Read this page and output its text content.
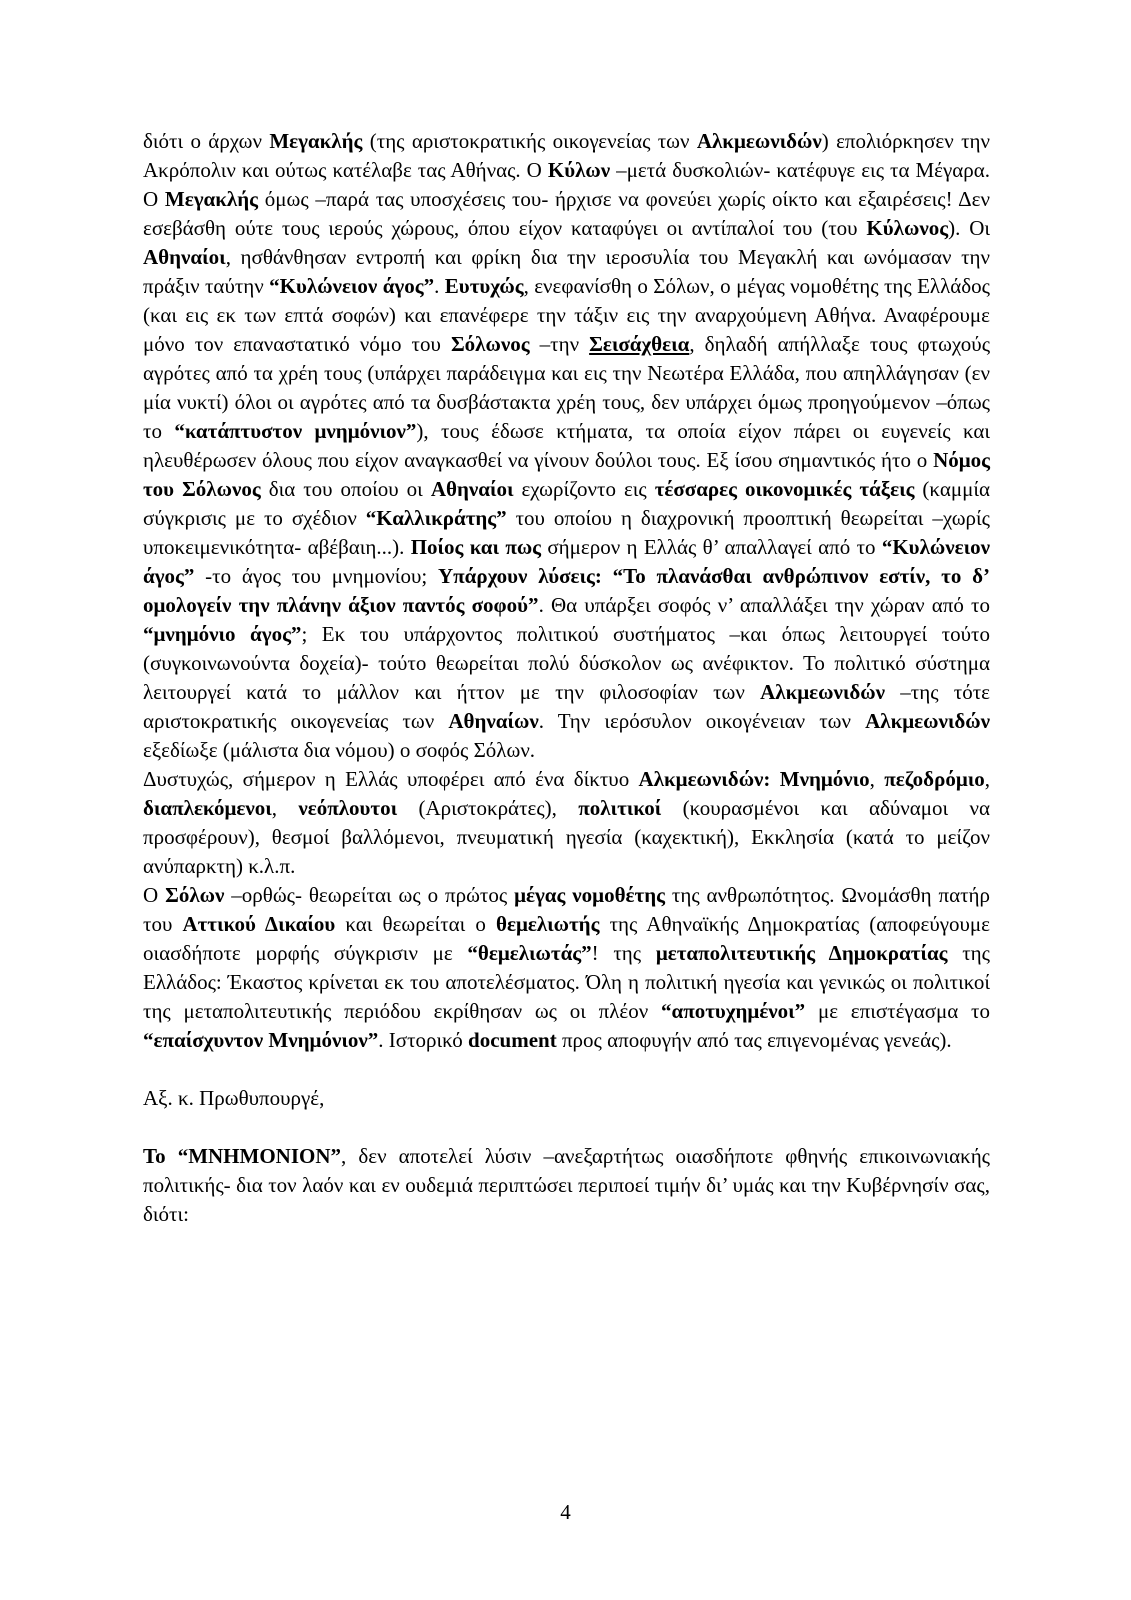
διότι ο άρχων Μεγακλής (της αριστοκρατικής οικογενείας των Αλκμεωνιδών) επολιόρκησεν την Ακρόπολιν και ούτως κατέλαβε τας Αθήνας. Ο Κύλων –μετά δυσκολιών- κατέφυγε εις τα Μέγαρα. Ο Μεγακλής όμως –παρά τας υποσχέσεις του- ήρχισε να φονεύει χωρίς οίκτο και εξαιρέσεις! Δεν εσεβάσθη ούτε τους ιερούς χώρους, όπου είχον καταφύγει οι αντίπαλοί του (του Κύλωνος). Οι Αθηναίοι, ησθάνθησαν εντροπή και φρίκη δια την ιεροσυλία του Μεγακλή και ωνόμασαν την πράξιν ταύτην “Κυλώνειον άγος”. Ευτυχώς, ενεφανίσθη ο Σόλων, ο μέγας νομοθέτης της Ελλάδος (και εις εκ των επτά σοφών) και επανέφερε την τάξιν εις την αναρχούμενη Αθήνα. Αναφέρουμε μόνο τον επαναστατικό νόμο του Σόλωνος –την Σεισάχθεια, δηλαδή απήλλαξε τους φτωχούς αγρότες από τα χρέη τους (υπάρχει παράδειγμα και εις την Νεωτέρα Ελλάδα, που απηλλάγησαν (εν μία νυκτί) όλοι οι αγρότες από τα δυσβάστακτα χρέη τους, δεν υπάρχει όμως προηγούμενον –όπως το “κατάπτυστον μνημόνιον”), τους έδωσε κτήματα, τα οποία είχον πάρει οι ευγενείς και ηλευθέρωσεν όλους που είχον αναγκασθεί να γίνουν δούλοι τους. Εξ ίσου σημαντικός ήτο ο Νόμος του Σόλωνος δια του οποίου οι Αθηναίοι εχωρίζοντο εις τέσσαρες οικονομικές τάξεις (καμμία σύγκρισις με το σχέδιον “Καλλικράτης” του οποίου η διαχρονική προοπτική θεωρείται –χωρίς υποκειμενικότητα- αβέβαιη...). Ποίος και πως σήμερον η Ελλάς θ’ απαλλαγεί από το “Κυλώνειον άγος” -το άγος του μνημονίου; Υπάρχουν λύσεις: “Το πλανάσθαι ανθρώπινον εστίν, το δ’ ομολογείν την πλάνην άξιον παντός σοφού”. Θα υπάρξει σοφός ν’ απαλλάξει την χώραν από το “μνημόνιο άγος”; Εκ του υπάρχοντος πολιτικού συστήματος –και όπως λειτουργεί τούτο (συγκοινωνούντα δοχεία)- τούτο θεωρείται πολύ δύσκολον ως ανέφικτον. Το πολιτικό σύστημα λειτουργεί κατά το μάλλον και ήττον με την φιλοσοφίαν των Αλκμεωνιδών –της τότε αριστοκρατικής οικογενείας των Αθηναίων. Την ιερόσυλον οικογένειαν των Αλκμεωνιδών εξεδίωξε (μάλιστα δια νόμου) ο σοφός Σόλων.

Δυστυχώς, σήμερον η Ελλάς υποφέρει από ένα δίκτυο Αλκμεωνιδών: Μνημόνιο, πεζοδρόμιο, διαπλεκόμενοι, νεόπλουτοι (Αριστοκράτες), πολιτικοί (κουρασμένοι και αδύναμοι να προσφέρουν), θεσμοί βαλλόμενοι, πνευματική ηγεσία (καχεκτική), Εκκλησία (κατά το μείζον ανύπαρκτη) κ.λ.π.

Ο Σόλων –ορθώς- θεωρείται ως ο πρώτος μέγας νομοθέτης της ανθρωπότητος. Ωνομάσθη πατήρ του Αττικού Δικαίου και θεωρείται ο θεμελιωτής της Αθηναϊκής Δημοκρατίας (αποφεύγουμε οιασδήποτε μορφής σύγκρισιν με “θεμελιωτάς”! της μεταπολιτευτικής Δημοκρατίας της Ελλάδος: Έκαστος κρίνεται εκ του αποτελέσματος. Όλη η πολιτική ηγεσία και γενικώς οι πολιτικοί της μεταπολιτευτικής περιόδου εκρίθησαν ως οι πλέον “αποτυχημένοι” με επιστέγασμα το “επαίσχυντον Μνημόνιον”. Ιστορικό document προς αποφυγήν από τας επιγενομένας γενεάς).

Αξ. κ. Πρωθυπουργέ,

Το “ΜΝΗΜΟΝΙΟΝ”, δεν αποτελεί λύσιν –ανεξαρτήτως οιασδήποτε φθηνής επικοινωνιακής πολιτικής- δια τον λαόν και εν ουδεμιά περιπτώσει περιποεί τιμήν δι’ υμάς και την Κυβέρνησίν σας, διότι:

4
